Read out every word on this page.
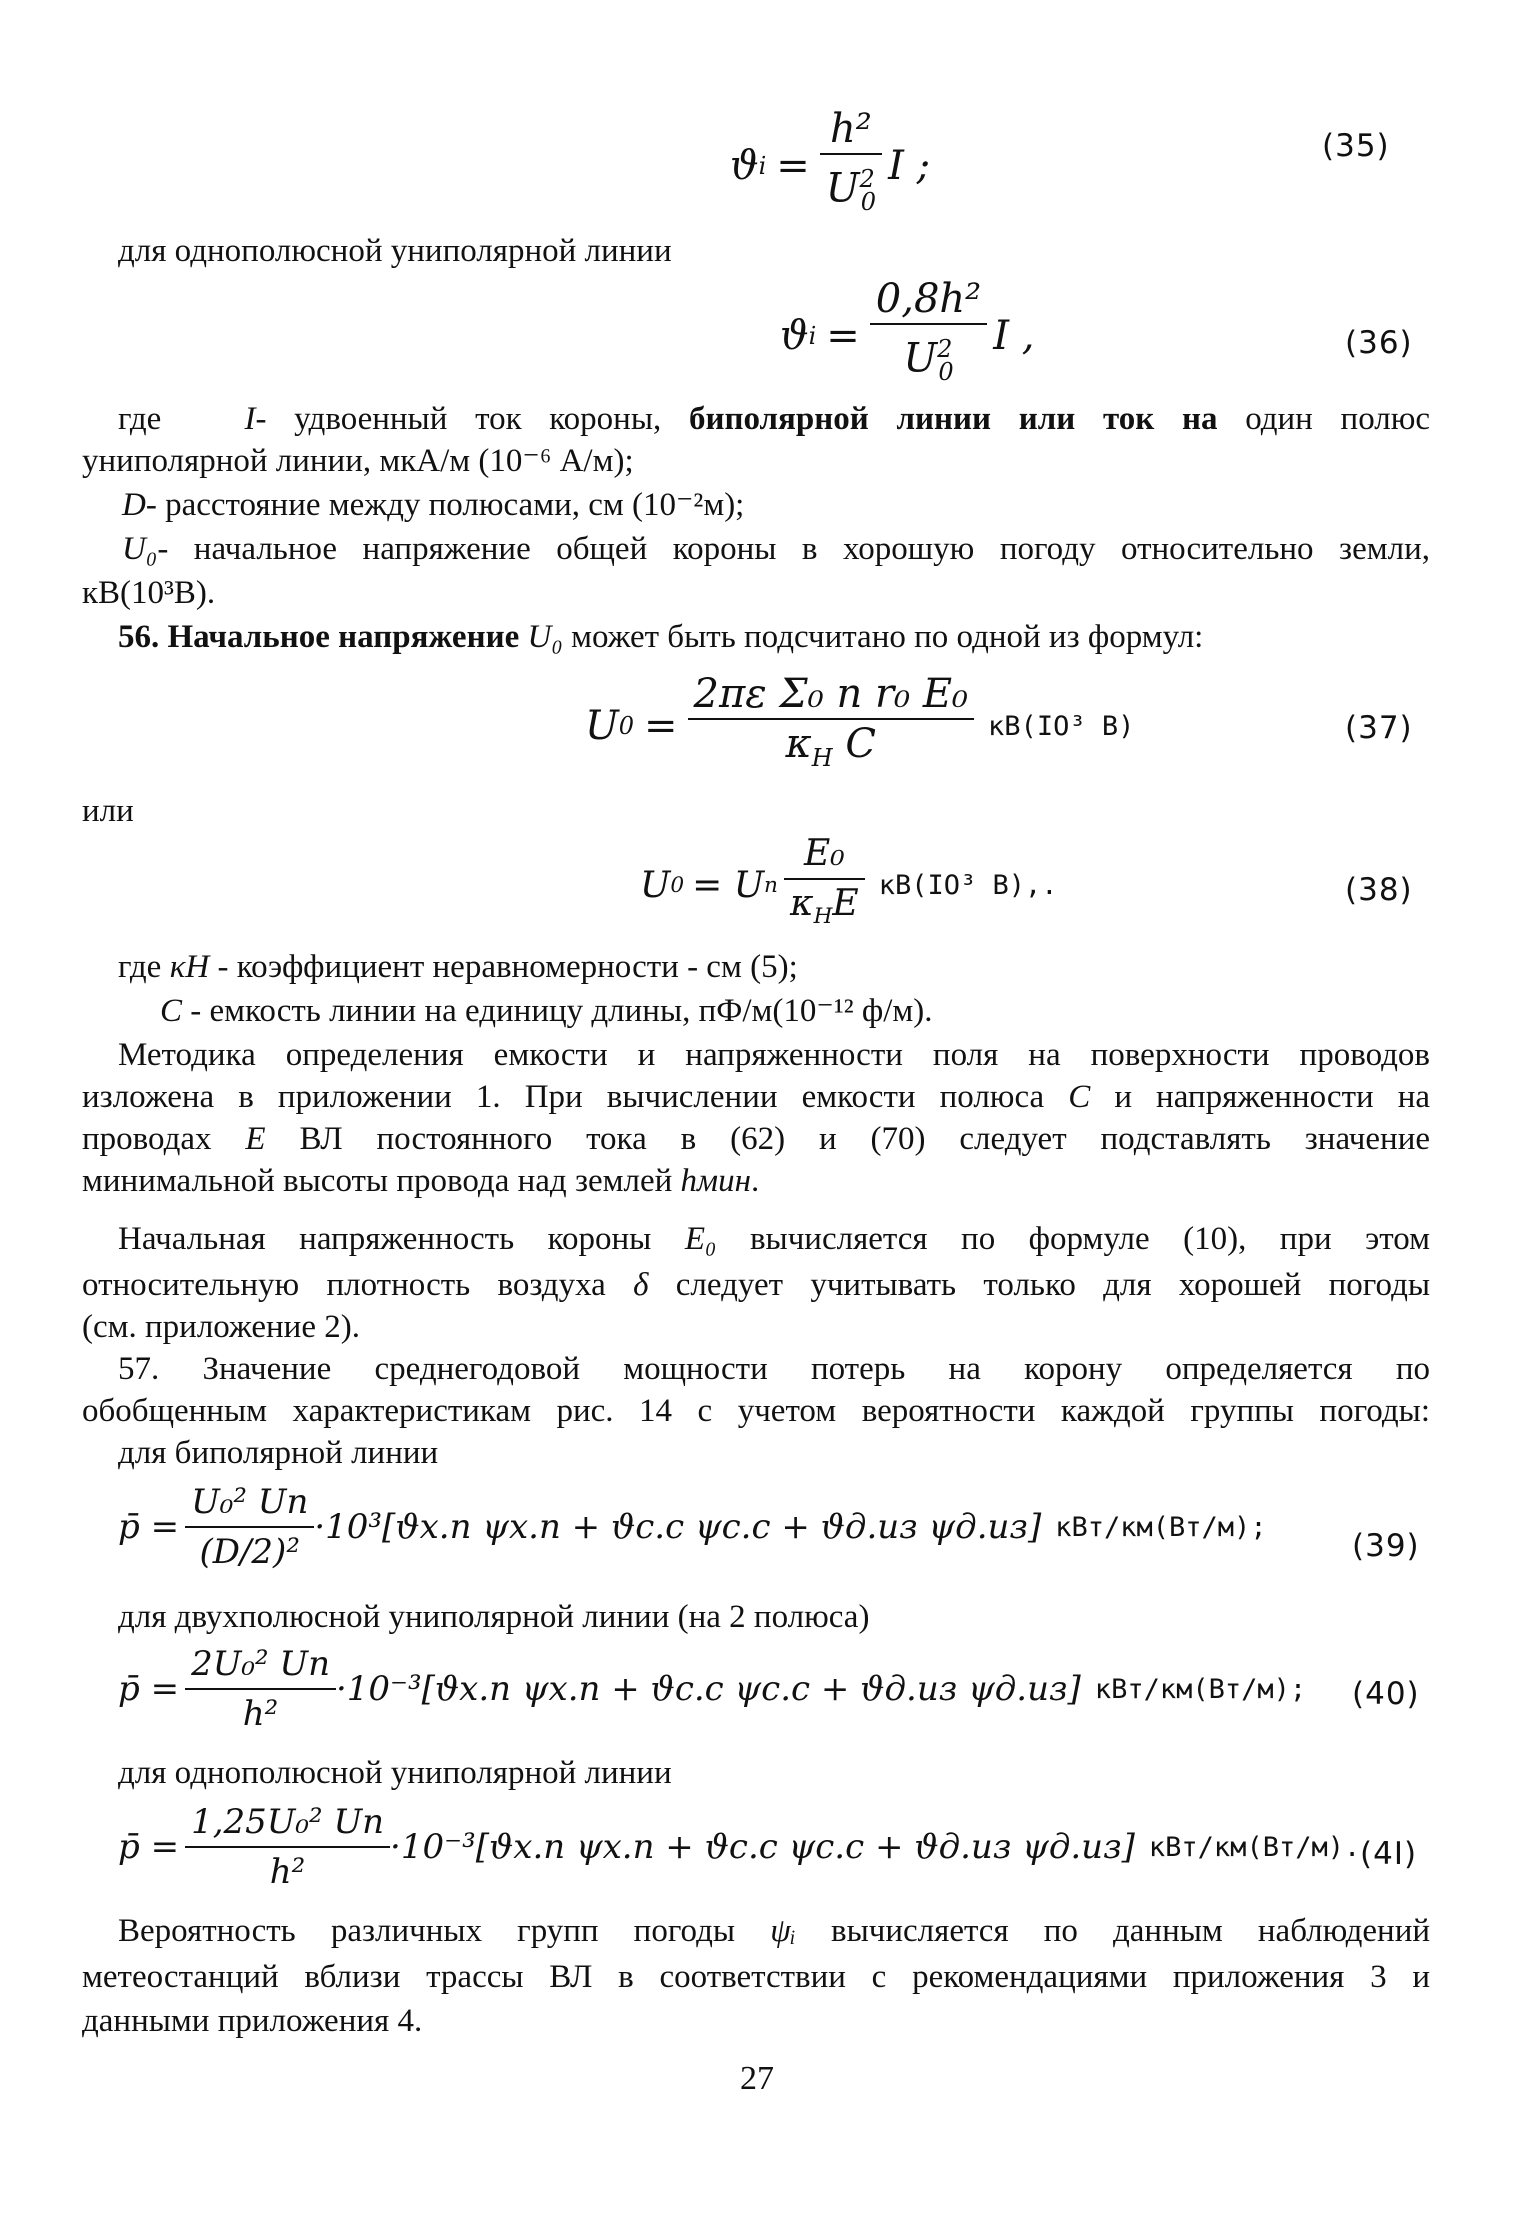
ϑ $i = \frac{\text{h²}}{U^2_0}$ I ;	(35)
для однополюсной униполярной линии
ϑ $i = \frac{\text{0,8h²}}{U^2_0}$ I ,	(36)
где	I- удвоенный ток короны, биполярной линии или ток на один полюс
униполярной линии, мкА/м (10⁻⁶ А/м);
D- расстояние между полюсами, см (10⁻²м);
U₀- начальное напряжение общей короны в хорошую погоду относительно земли,
кВ(10³В).
56. Начальное напряжение U₀ может быть подсчитано по одной из формул:
U $0 = \frac{\text{2πε Σ₀ n r₀ E₀}}{\kappa_H C} кВ(IO^3$ В)	(37)
или
U 0 = U п $\frac{\text{E₀}}{\kappa_HE} кВ(IO^3$ В),.	(38)
где κН - коэффициент неравномерности - см (5);
C - емкость линии на единицу длины, пФ/м(10⁻¹² ф/м).
Методика определения емкости и напряженности поля на поверхности проводов
изложена в приложении 1. При вычислении емкости полюса C и напряженности на
проводах E ВЛ постоянного тока в (62) и (70) следует подставлять значение
минимальной высоты провода над землей hмин.
Начальная напряженность короны E₀ вычисляется по формуле (10), при этом
относительную плотность воздуха δ следует учитывать только для хорошей погоды
(см. приложение 2).
57. Значение среднегодовой мощности потерь на корону определяется по
обобщенным характеристикам рис. 14 с учетом вероятности каждой группы погоды:
для биполярной линии
p̄ = $\frac{\text{U₀² Uп}}{\text{(D/2)²}} \cdot 10^3[ϑх.п$ ψх.п + ϑс.с ψс.с + ϑд.из ψд.из] кВт/км(Вт/м);
(39)
для двухполюсной униполярной линии (на 2 полюса)
p̄ = $\frac{\text{2U₀² Uп}}{\text{h²}} \cdot 10^{-3}[ϑх.п$ ψх.п + ϑс.с ψс.с + ϑд.из ψд.из] кВт/км(Вт/м); (40)
для однополюсной униполярной линии
p̄ = $\frac{\text{1,25U₀² Uп}}{\text{h²}} \cdot 10^{-3}[ϑх.п$ ψх.п + ϑс.с ψс.с + ϑд.из ψд.из] кВт/км(Вт/м). (4I)
Вероятность различных групп погоды ψᵢ вычисляется по данным наблюдений
метеостанций вблизи трассы ВЛ в соответствии с рекомендациями приложения 3 и
данными приложения 4.
27
